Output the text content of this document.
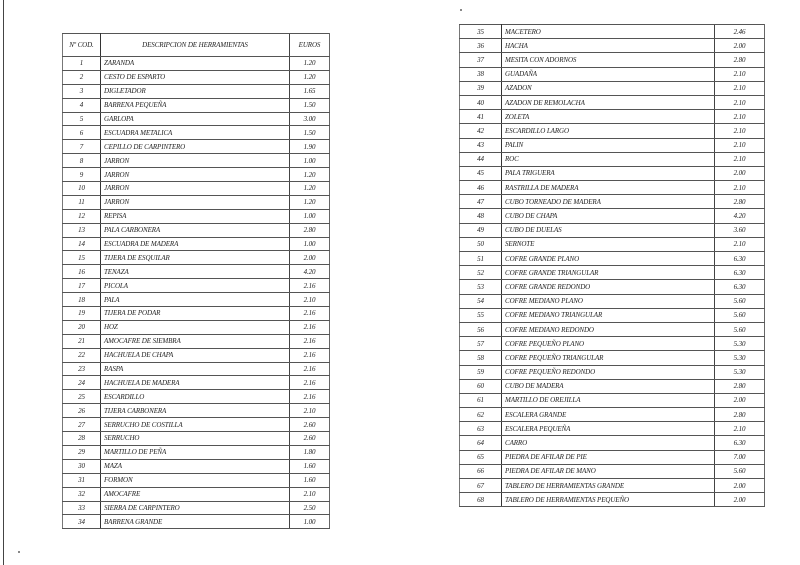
Nº COD.	DESCRIPCION DE HERRAMIENTAS	EUROS
1	ZARANDA	1.20
2	CESTO DE ESPARTO	1.20
3	DIGLETADOR	1.65
4	BARRENA PEQUEÑA	1.50
5	GARLOPA	3.00
6	ESCUADRA METALICA	1.50
7	CEPILLO DE CARPINTERO	1.90
8	JARRON	1.00
9	JARRON	1.20
10	JARRON	1.20
11	JARRON	1.20
12	REPISA	1.00
13	PALA CARBONERA	2.80
14	ESCUADRA DE MADERA	1.00
15	TIJERA DE ESQUILAR	2.00
16	TENAZA	4.20
17	PICOLA	2.16
18	PALA	2.10
19	TIJERA DE PODAR	2.16
20	HOZ	2.16
21	AMOCAFRE DE SIEMBRA	2.16
22	HACHUELA DE CHAPA	2.16
23	RASPA	2.16
24	HACHUELA DE MADERA	2.16
25	ESCARDILLO	2.16
26	TIJERA CARBONERA	2.10
27	SERRUCHO DE COSTILLA	2.60
28	SERRUCHO	2.60
29	MARTILLO DE PEÑA	1.80
30	MAZA	1.60
31	FORMON	1.60
32	AMOCAFRE	2.10
33	SIERRA DE CARPINTERO	2.50
34	BARRENA GRANDE	1.00
35	MACETERO	2.46
36	HACHA	2.00
37	MESITA CON ADORNOS	2.80
38	GUADAÑA	2.10
39	AZADON	2.10
40	AZADON DE REMOLACHA	2.10
41	ZOLETA	2.10
42	ESCARDILLO LARGO	2.10
43	PALIN	2.10
44	ROC	2.10
45	PALA TRIGUERA	2.00
46	RASTRILLA DE MADERA	2.10
47	CUBO TORNEADO DE MADERA	2.80
48	CUBO DE CHAPA	4.20
49	CUBO DE DUELAS	3.60
50	SERNOTE	2.10
51	COFRE GRANDE PLANO	6.30
52	COFRE GRANDE TRIANGULAR	6.30
53	COFRE GRANDE REDONDO	6.30
54	COFRE MEDIANO PLANO	5.60
55	COFRE MEDIANO TRIANGULAR	5.60
56	COFRE MEDIANO REDONDO	5.60
57	COFRE PEQUEÑO PLANO	5.30
58	COFRE PEQUEÑO TRIANGULAR	5.30
59	COFRE PEQUEÑO REDONDO	5.30
60	CUBO DE MADERA	2.80
61	MARTILLO DE OREJILLA	2.00
62	ESCALERA GRANDE	2.80
63	ESCALERA PEQUEÑA	2.10
64	CARRO	6.30
65	PIEDRA DE AFILAR DE PIE	7.00
66	PIEDRA DE AFILAR DE MANO	5.60
67	TABLERO DE HERRAMIENTAS GRANDE	2.00
68	TABLERO DE HERRAMIENTAS PEQUEÑO	2.00
